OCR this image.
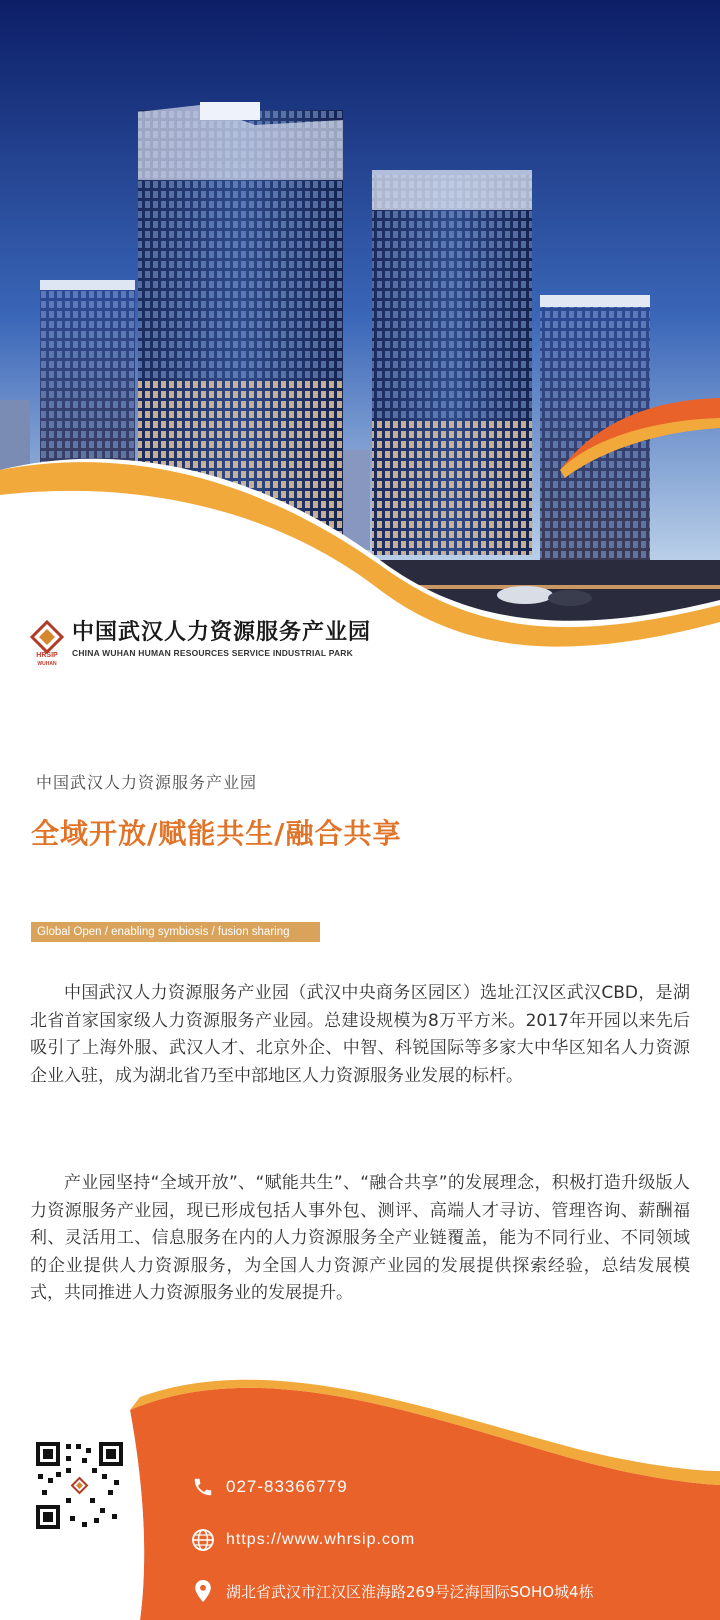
中国武汉人力资源服务产业园
CHINA WUHAN HUMAN RESOURCES SERVICE INDUSTRIAL PARK
HRSIP
WUHAN
中国武汉人力资源服务产业园
全域开放/赋能共生/融合共享
Global Open / enabling symbiosis / fusion sharing

中国武汉人力资源服务产业园（武汉中央商务区园区）选址江汉区武汉CBD，是湖北省首家国家级人力资源服务产业园。总建设规模为8万平方米。2017年开园以来先后吸引了上海外服、武汉人才、北京外企、中智、科锐国际等多家大中华区知名人力资源企业入驻，成为湖北省乃至中部地区人力资源服务业发展的标杆。

产业园坚持“全域开放”、“赋能共生”、“融合共享”的发展理念，积极打造升级版人力资源服务产业园，现已形成包括人事外包、测评、高端人才寻访、管理咨询、薪酬福利、灵活用工、信息服务在内的人力资源服务全产业链覆盖，能为不同行业、不同领域的企业提供人力资源服务，为全国人力资源产业园的发展提供探索经验，总结发展模式，共同推进人力资源服务业的发展提升。

027-83366779
https://www.whrsip.com
湖北省武汉市江汉区淮海路269号泛海国际SOHO城4栋
